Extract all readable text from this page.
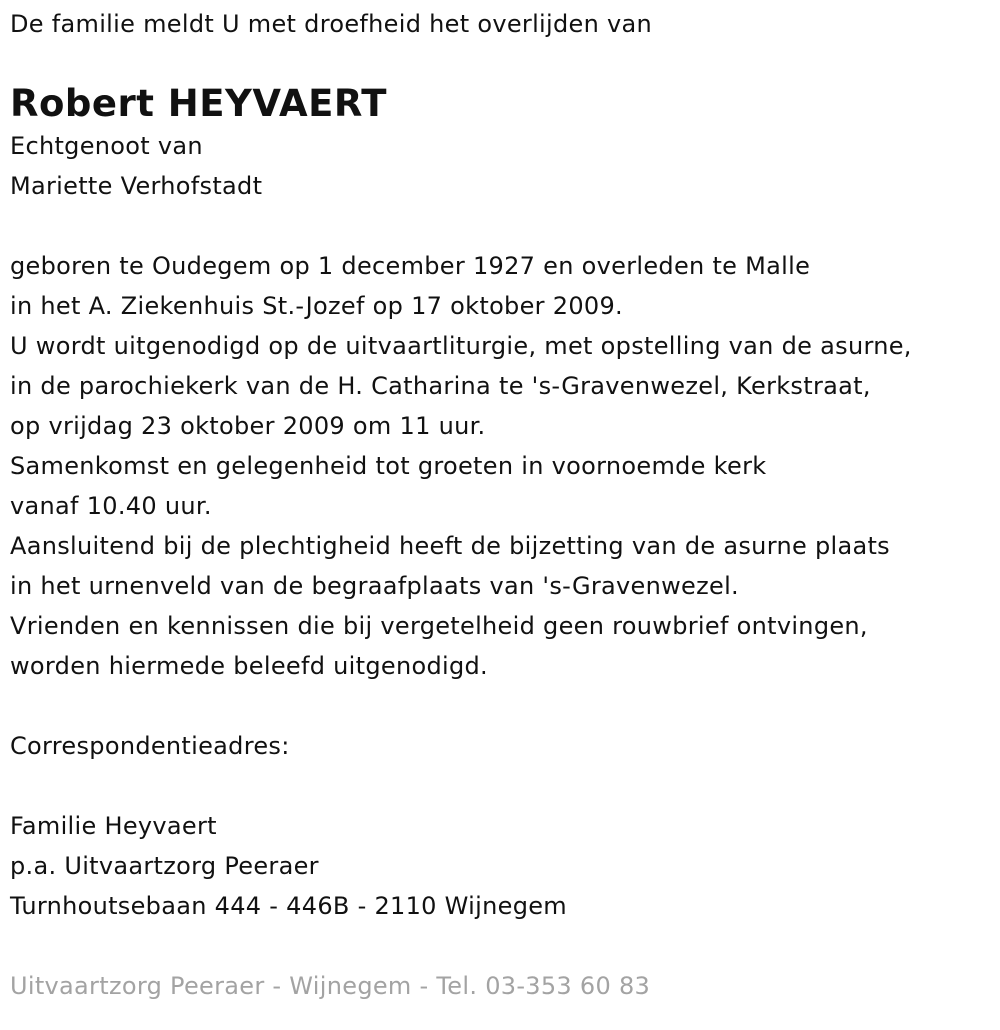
De familie meldt U met droefheid het overlijden van
Robert HEYVAERT
Echtgenoot van
Mariette Verhofstadt
geboren te Oudegem op 1 december 1927 en overleden te Malle
in het A. Ziekenhuis St.-Jozef op 17 oktober 2009.
U wordt uitgenodigd op de uitvaartliturgie, met opstelling van de asurne,
in de parochiekerk van de H. Catharina te 's-Gravenwezel, Kerkstraat,
op vrijdag 23 oktober 2009 om 11 uur.
Samenkomst en gelegenheid tot groeten in voornoemde kerk
vanaf 10.40 uur.
Aansluitend bij de plechtigheid heeft de bijzetting van de asurne plaats
in het urnenveld van de begraafplaats van 's-Gravenwezel.
Vrienden en kennissen die bij vergetelheid geen rouwbrief ontvingen,
worden hiermede beleefd uitgenodigd.
Correspondentieadres:
Familie Heyvaert
p.a. Uitvaartzorg Peeraer
Turnhoutsebaan 444 - 446B - 2110 Wijnegem
Uitvaartzorg Peeraer - Wijnegem - Tel. 03-353 60 83
